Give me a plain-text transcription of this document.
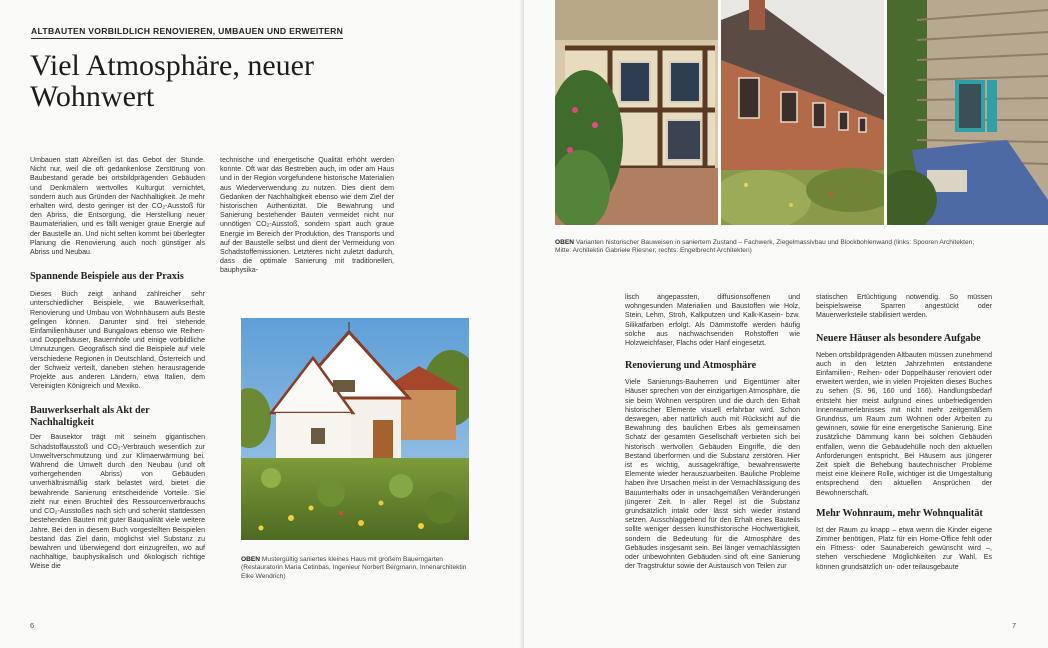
ALTBAUTEN VORBILDLICH RENOVIEREN, UMBAUEN UND ERWEITERN
Viel Atmosphäre, neuer Wohnwert

Umbauen statt Abreißen ist das Gebot der Stunde. Nicht nur, weil die oft gedankenlose Zerstörung von Baubestand gerade bei ortsbildprägenden Gebäuden und Denkmälern wertvolles Kulturgut vernichtet, sondern auch aus Gründen der Nachhaltigkeit. Je mehr erhalten wird, desto geringer ist der CO₂-Ausstoß für den Abriss, die Entsorgung, die Herstellung neuer Baumaterialien, und es fällt weniger graue Energie auf der Baustelle an. Und nicht selten kommt bei überlegter Planung die Renovierung auch noch günstiger als Abriss und Neubau.

Spannende Beispiele aus der Praxis

Dieses Buch zeigt anhand zahlreicher sehr unterschiedlicher Beispiele, wie Bauwerkserhalt, Renovierung und Umbau von Wohnhäusern aufs Beste gelingen können. Darunter sind frei stehende Einfamilienhäuser und Bungalows ebenso wie Reihen- und Doppelhäuser, Bauernhöfe und einige vorbildliche Umnutzungen. Geografisch sind die Beispiele auf viele verschiedene Regionen in Deutschland, Österreich und der Schweiz verteilt, daneben stehen herausragende Projekte aus anderen Ländern, etwa Italien, dem Vereinigten Königreich und Mexiko.

Bauwerkserhalt als Akt der Nachhaltigkeit

Der Bausektor trägt mit seinem gigantischen Schadstoffausstoß und CO₂-Verbrauch wesentlich zur Umweltverschmutzung und zur Klimaerwärmung bei. Während die Umwelt durch den Neubau (und oft vorhergehenden Abriss) von Gebäuden unverhältnismäßig stark belastet wird, bietet die bewahrende Sanierung entscheidende Vorteile. Sie zieht nur einen Bruchteil des Ressourcenverbrauchs und CO₂-Ausstoßes nach sich und schenkt stattdessen bestehenden Bauten mit guter Bauqualität viele weitere Jahre. Bei den in diesem Buch vorgestellten Beispielen bestand das Ziel darin, möglichst viel Substanz zu bewahren und überwiegend dort einzugreifen, wo auf nachhaltige, bauphysikalisch und ökologisch richtige Weise die

technische und energetische Qualität erhöht werden konnte. Oft war das Bestreben auch, im oder am Haus und in der Region vorgefundene historische Materialien aus Wiederverwendung zu nutzen. Dies dient dem Gedanken der Nachhaltigkeit ebenso wie dem Ziel der historischen Authentizität. Die Bewahrung und Sanierung bestehender Bauten vermeidet nicht nur unnötigen CO₂-Ausstoß, sondern spart auch graue Energie im Bereich der Produktion, des Transports und auf der Baustelle selbst und dient der Vermeidung von Schadstoffemissionen. Letzteres nicht zuletzt dadurch, dass die optimale Sanierung mit traditionellen, bauphysika-

OBEN Mustergültig saniertes kleines Haus mit großem Bauerngarten (Restauratorin Maria Cetinbas, Ingenieur Norbert Bergmann, Innenarchitektin Elke Wendrich)
6
OBEN Varianten historischer Bauweisen in saniertem Zustand – Fachwerk, Ziegelmassivbau und Blockbohlenwand (links: Spooren Architekten; Mitte: Architektin Gabriele Riesner; rechts: Engelbrecht Architekten)

lisch angepassten, diffusionsoffenen und wohngesunden Materialien und Baustoffen wie Holz, Stein, Lehm, Stroh, Kalkputzen und Kalk-Kasein- bzw. Silikatfarben erfolgt. Als Dämmstoffe werden häufig solche aus nachwachsenden Rohstoffen wie Holzweichfaser, Flachs oder Hanf eingesetzt.

Renovierung und Atmosphäre

Viele Sanierungs-Bauherren und Eigentümer alter Häuser sprechen von der einzigartigen Atmosphäre, die sie beim Wohnen verspüren und die durch den Erhalt historischer Elemente visuell erfahrbar wird. Schon deswegen, aber natürlich auch mit Rücksicht auf die Bewahrung des baulichen Erbes als gemeinsamen Schatz der gesamten Gesellschaft verbieten sich bei historisch wertvollen Gebäuden Eingriffe, die den Bestand überformen und die Substanz zerstören. Hier ist es wichtig, aussagekräftige, bewahrenswerte Elemente wieder herauszuarbeiten. Bauliche Probleme haben ihre Ursachen meist in der Vernachlässigung des Bauunterhalts oder in unsachgemäßen Veränderungen jüngerer Zeit. In aller Regel ist die Substanz grundsätzlich intakt oder lässt sich wieder instand setzen. Ausschlaggebend für den Erhalt eines Bauteils sollte weniger dessen kunsthistorische Hochwertigkeit, sondern die Bedeutung für die Atmosphäre des Gebäudes insgesamt sein. Bei länger vernachlässigten oder unbewohnten Gebäuden sind oft eine Sanierung der Tragstruktur sowie der Austausch von Teilen zur

statischen Ertüchtigung notwendig. So müssen beispielsweise Sparren angestückt oder Mauerwerksteile stabilisiert werden.

Neuere Häuser als besondere Aufgabe

Neben ortsbildprägenden Altbauten müssen zunehmend auch in den letzten Jahrzehnten entstandene Einfamilien-, Reihen- oder Doppelhäuser renoviert oder erweitert werden, wie in vielen Projekten dieses Buches zu sehen (S. 96, 160 und 166). Handlungsbedarf entsteht hier meist aufgrund eines unbefriedigenden Innenraumerlebnisses mit nicht mehr zeitgemäßem Grundriss, um Raum zum Wohnen oder Arbeiten zu gewinnen, sowie für eine energetische Sanierung. Eine zusätzliche Dämmung kann bei solchen Gebäuden entfallen, wenn die Gebäudehülle noch den aktuellen Anforderungen entspricht. Bei Häusern aus jüngerer Zeit spielt die Behebung bautechnischer Probleme meist eine kleinere Rolle, wichtiger ist die Umgestaltung entsprechend den aktuellen Ansprüchen der Bewohnerschaft.

Mehr Wohnraum, mehr Wohnqualität

Ist der Raum zu knapp – etwa wenn die Kinder eigene Zimmer benötigen, Platz für ein Home-Office fehlt oder ein Fitness- oder Saunabereich gewünscht wird –, stehen verschiedene Möglichkeiten zur Wahl. Es können grundsätzlich un- oder teilausgebaute

7
